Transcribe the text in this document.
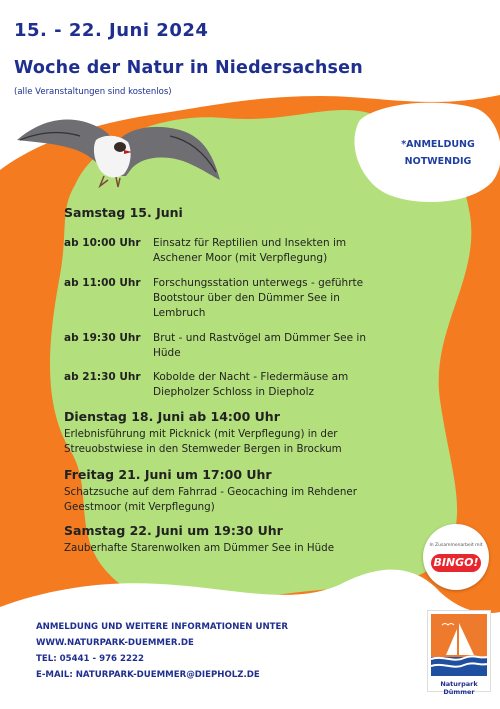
15. - 22. Juni 2024
Woche der Natur in Niedersachsen
(alle Veranstaltungen sind kostenlos)
*ANMELDUNG
NOTWENDIG
Samstag 15. Juni
ab 10:00 Uhr	Einsatz für Reptilien und Insekten im Aschener Moor (mit Verpflegung)
ab 11:00 Uhr	Forschungsstation unterwegs - geführte Bootstour über den Dümmer See in Lembruch
ab 19:30 Uhr	Brut - und Rastvögel am Dümmer See in Hüde
ab 21:30 Uhr	Kobolde der Nacht - Fledermäuse am Diepholzer Schloss in Diepholz
Dienstag 18. Juni ab 14:00 Uhr
Erlebnisführung mit Picknick (mit Verpflegung) in der Streuobstwiese in den Stemweder Bergen in Brockum
Freitag 21. Juni um 17:00 Uhr
Schatzsuche auf dem Fahrrad - Geocaching im Rehdener Geestmoor (mit Verpflegung)
Samstag 22. Juni um 19:30 Uhr
Zauberhafte Starenwolken am Dümmer See in Hüde
ANMELDUNG UND WEITERE INFORMATIONEN UNTER
WWW.NATURPARK-DUEMMER.DE
TEL: 05441 - 976 2222
E-MAIL: NATURPARK-DUEMMER@DIEPHOLZ.DE
In Zusammenarbeit mit
BINGO!
Naturpark Dümmer
